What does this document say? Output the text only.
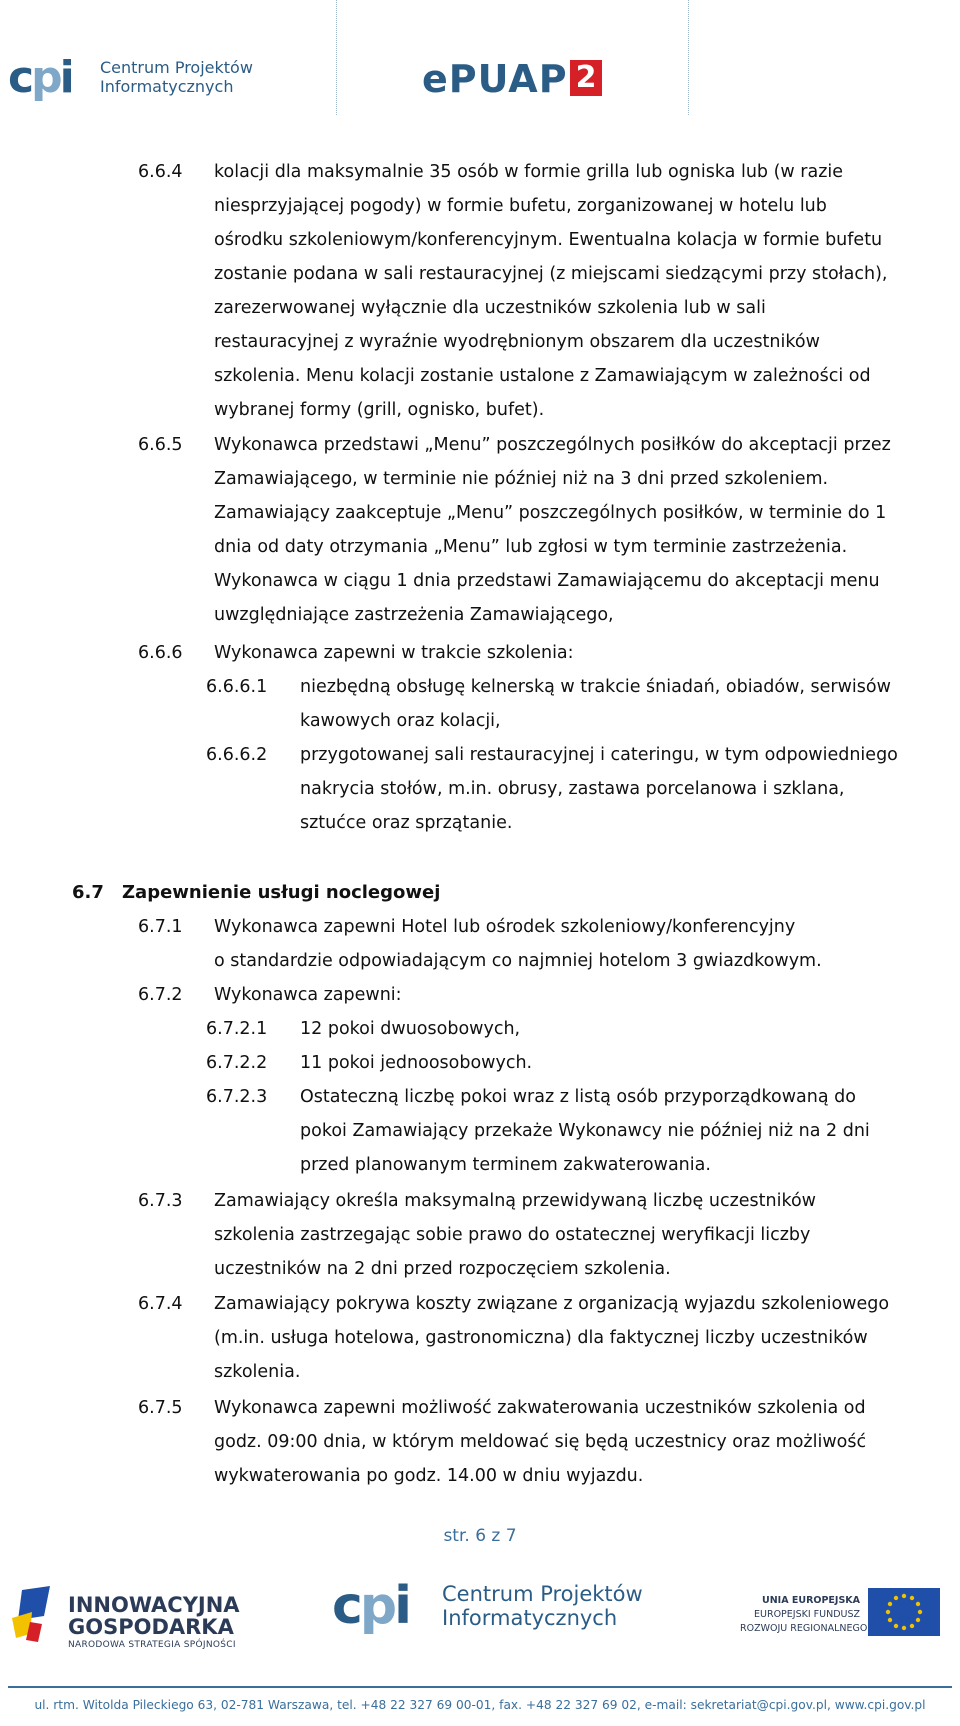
cpi Centrum Projektów
Informatycznych	ePUAP 2
6.6.4 kolacji dla maksymalnie 35 osób w formie grilla lub ogniska lub (w razie
niesprzyjającej pogody) w formie bufetu, zorganizowanej w hotelu lub
ośrodku szkoleniowym/konferencyjnym. Ewentualna kolacja w formie bufetu
zostanie podana w sali restauracyjnej (z miejscami siedzącymi przy stołach),
zarezerwowanej wyłącznie dla uczestników szkolenia lub w sali
restauracyjnej z wyraźnie wyodrębnionym obszarem dla uczestników
szkolenia. Menu kolacji zostanie ustalone z Zamawiającym w zależności od
wybranej formy (grill, ognisko, bufet).
6.6.5 Wykonawca przedstawi „Menu” poszczególnych posiłków do akceptacji przez
Zamawiającego, w terminie nie później niż na 3 dni przed szkoleniem.
Zamawiający zaakceptuje „Menu” poszczególnych posiłków, w terminie do 1
dnia od daty otrzymania „Menu” lub zgłosi w tym terminie zastrzeżenia.
Wykonawca w ciągu 1 dnia przedstawi Zamawiającemu do akceptacji menu
uwzględniające zastrzeżenia Zamawiającego,
6.6.6 Wykonawca zapewni w trakcie szkolenia:
6.6.6.1 niezbędną obsługę kelnerską w trakcie śniadań, obiadów, serwisów
kawowych oraz kolacji,
6.6.6.2 przygotowanej sali restauracyjnej i cateringu, w tym odpowiedniego
nakrycia stołów, m.in. obrusy, zastawa porcelanowa i szklana,
sztućce oraz sprzątanie.
6.7 Zapewnienie usługi noclegowej
6.7.1 Wykonawca zapewni Hotel lub ośrodek szkoleniowy/konferencyjny
o standardzie odpowiadającym co najmniej hotelom 3 gwiazdkowym.
6.7.2 Wykonawca zapewni:
6.7.2.1 12 pokoi dwuosobowych,
6.7.2.2 11 pokoi jednoosobowych.
6.7.2.3 Ostateczną liczbę pokoi wraz z listą osób przyporządkowaną do
pokoi Zamawiający przekaże Wykonawcy nie później niż na 2 dni
przed planowanym terminem zakwaterowania.
6.7.3 Zamawiający określa maksymalną przewidywaną liczbę uczestników
szkolenia zastrzegając sobie prawo do ostatecznej weryfikacji liczby
uczestników na 2 dni przed rozpoczęciem szkolenia.
6.7.4 Zamawiający pokrywa koszty związane z organizacją wyjazdu szkoleniowego
(m.in. usługa hotelowa, gastronomiczna) dla faktycznej liczby uczestników
szkolenia.
6.7.5 Wykonawca zapewni możliwość zakwaterowania uczestników szkolenia od
godz. 09:00 dnia, w którym meldować się będą uczestnicy oraz możliwość
wykwaterowania po godz. 14.00 w dniu wyjazdu.
str. 6 z 7
INNOWACYJNA
GOSPODARKA
NARODOWA STRATEGIA SPÓJNOŚCI
cpi Centrum Projektów
Informatycznych
UNIA EUROPEJSKA
EUROPEJSKI FUNDUSZ
ROZWOJU REGIONALNEGO
ul. rtm. Witolda Pileckiego 63, 02-781 Warszawa, tel. +48 22 327 69 00-01, fax. +48 22 327 69 02, e-mail: sekretariat@cpi.gov.pl, www.cpi.gov.pl
